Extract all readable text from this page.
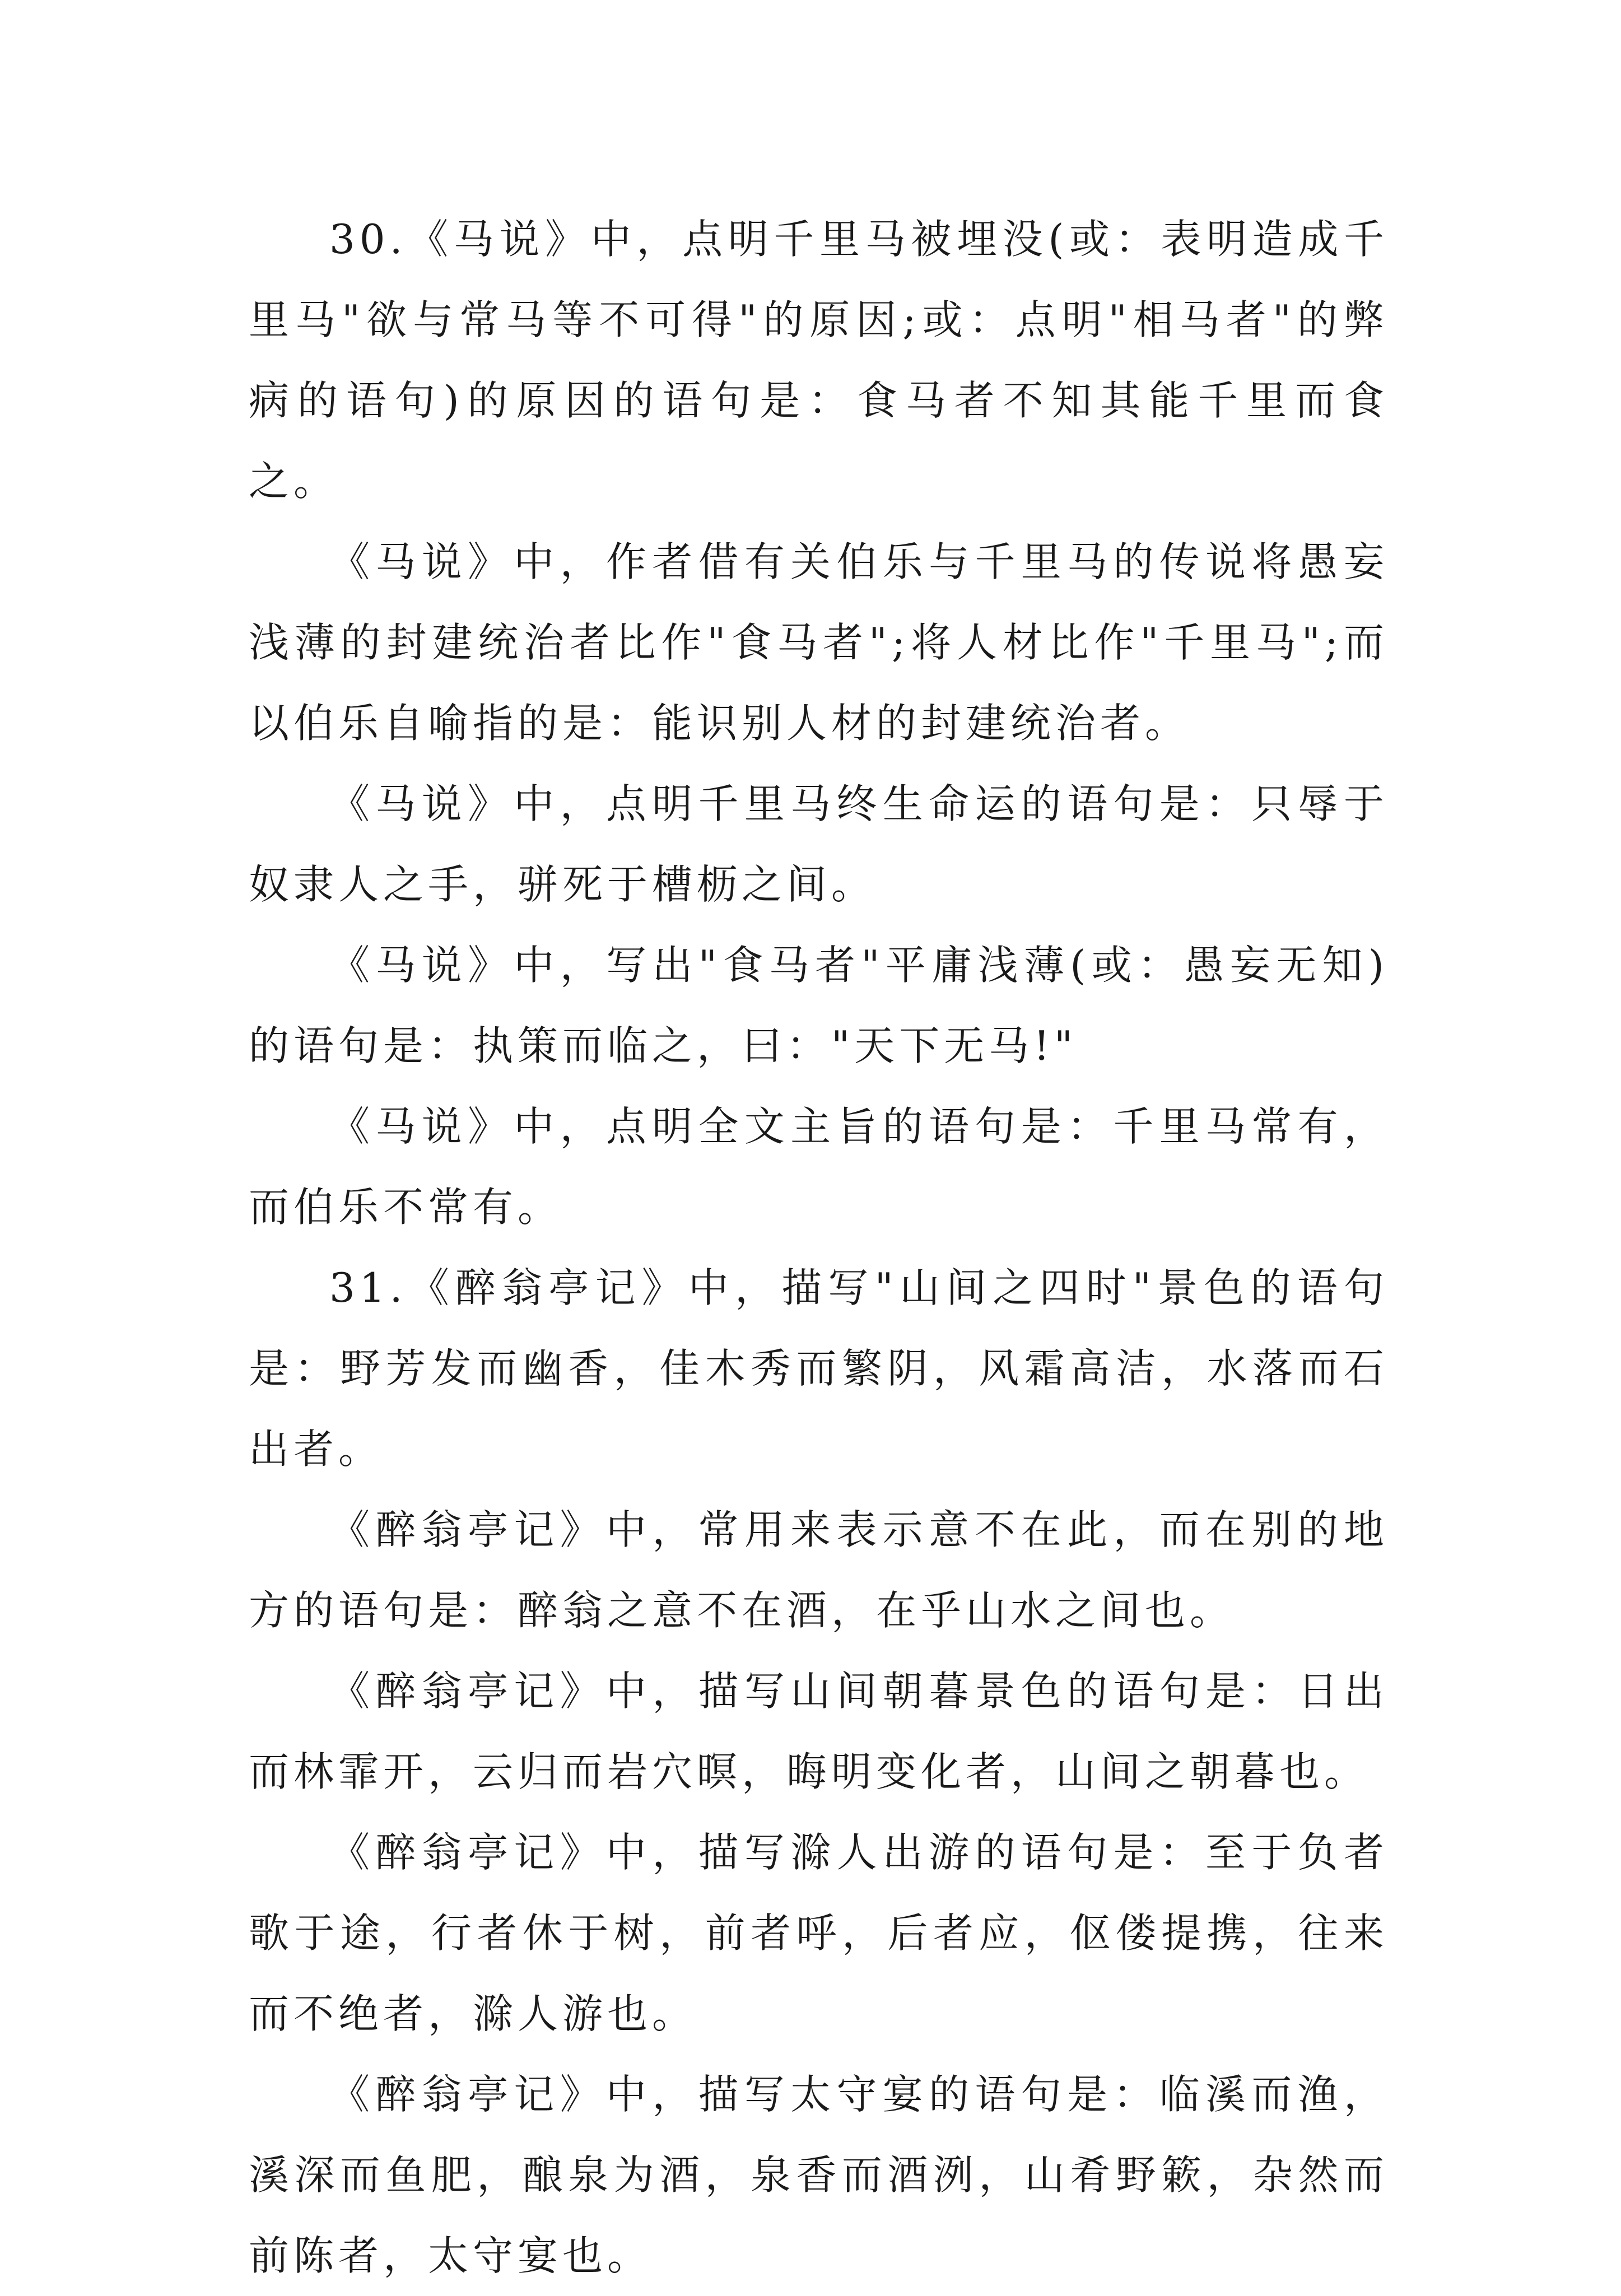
30.《马说》中，点明千里马被埋没(或：表明造成千里马"欲与常马等不可得"的原因;或：点明"相马者"的弊病的语句)的原因的语句是：食马者不知其能千里而食之。

《马说》中，作者借有关伯乐与千里马的传说将愚妄浅薄的封建统治者比作"食马者";将人材比作"千里马";而以伯乐自喻指的是：能识别人材的封建统治者。

《马说》中，点明千里马终生命运的语句是：只辱于奴隶人之手，骈死于槽枥之间。

《马说》中，写出"食马者"平庸浅薄(或：愚妄无知)的语句是：执策而临之，曰："天下无马!"

《马说》中，点明全文主旨的语句是：千里马常有，而伯乐不常有。

31.《醉翁亭记》中，描写"山间之四时"景色的语句是：野芳发而幽香，佳木秀而繁阴，风霜高洁，水落而石出者。

《醉翁亭记》中，常用来表示意不在此，而在别的地方的语句是：醉翁之意不在酒，在乎山水之间也。

《醉翁亭记》中，描写山间朝暮景色的语句是：日出而林霏开，云归而岩穴暝，晦明变化者，山间之朝暮也。

《醉翁亭记》中，描写滁人出游的语句是：至于负者歌于途，行者休于树，前者呼，后者应，伛偻提携，往来而不绝者，滁人游也。

《醉翁亭记》中，描写太守宴的语句是：临溪而渔，溪深而鱼肥，酿泉为酒，泉香而酒洌，山肴野簌，杂然而前陈者，太守宴也。
